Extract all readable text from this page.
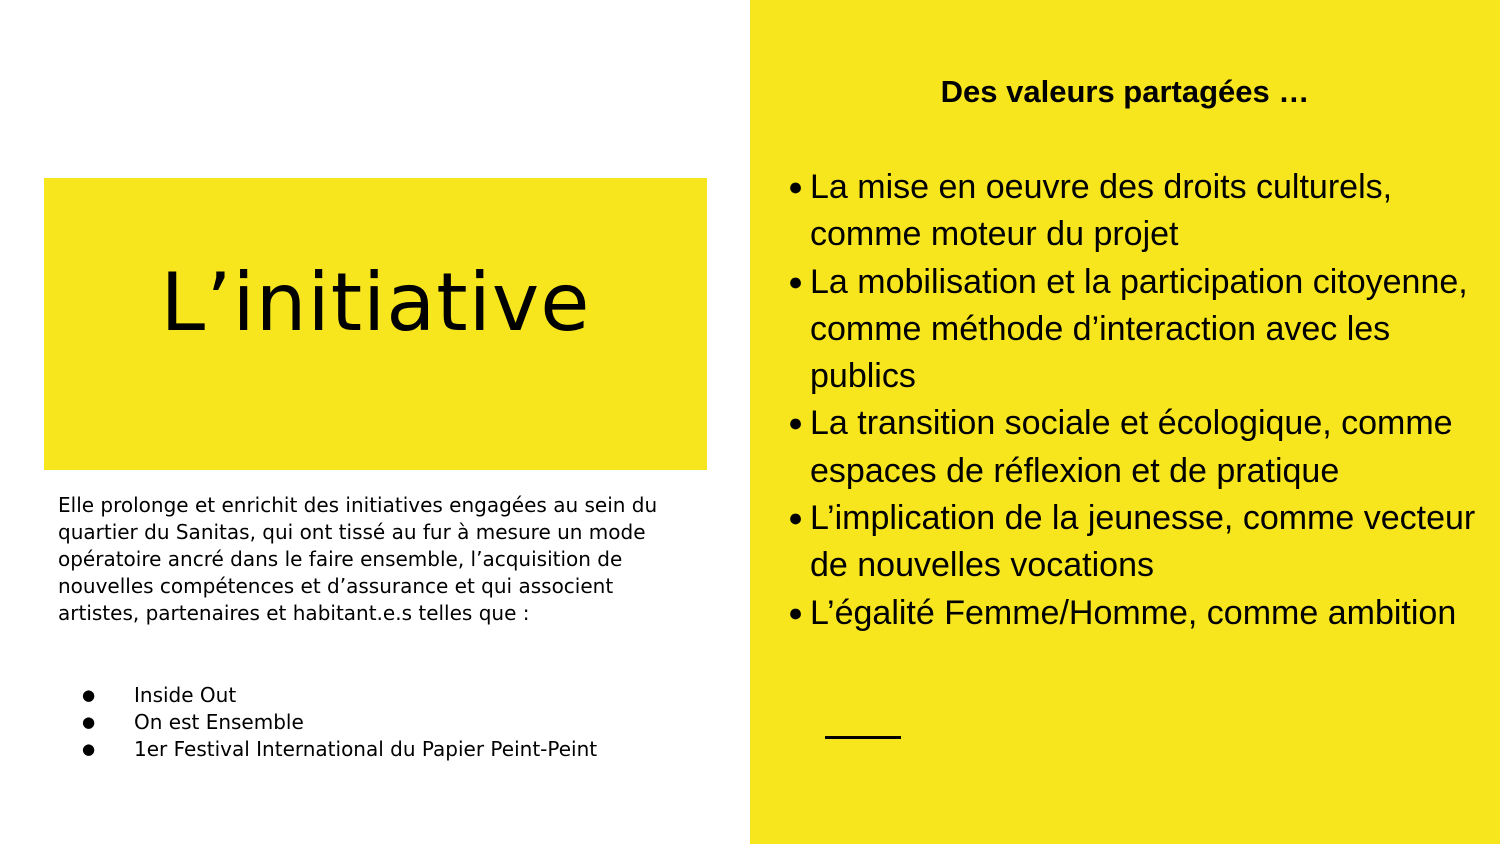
L’initiative

Elle prolonge et enrichit des initiatives engagées au sein du quartier du Sanitas, qui ont tissé au fur à mesure un mode opératoire ancré dans le faire ensemble, l’acquisition de nouvelles compétences et d’assurance et qui associent artistes, partenaires et habitant.e.s telles que :

● Inside Out
● On est Ensemble
● 1er Festival International du Papier Peint-Peint
Des valeurs partagées …
● La mise en oeuvre des droits culturels, comme moteur du projet
● La mobilisation et la participation citoyenne, comme méthode d’interaction avec les publics
● La transition sociale et écologique, comme espaces de réflexion et de pratique
● L’implication de la jeunesse, comme vecteur de nouvelles vocations
● L’égalité Femme/Homme, comme ambition
